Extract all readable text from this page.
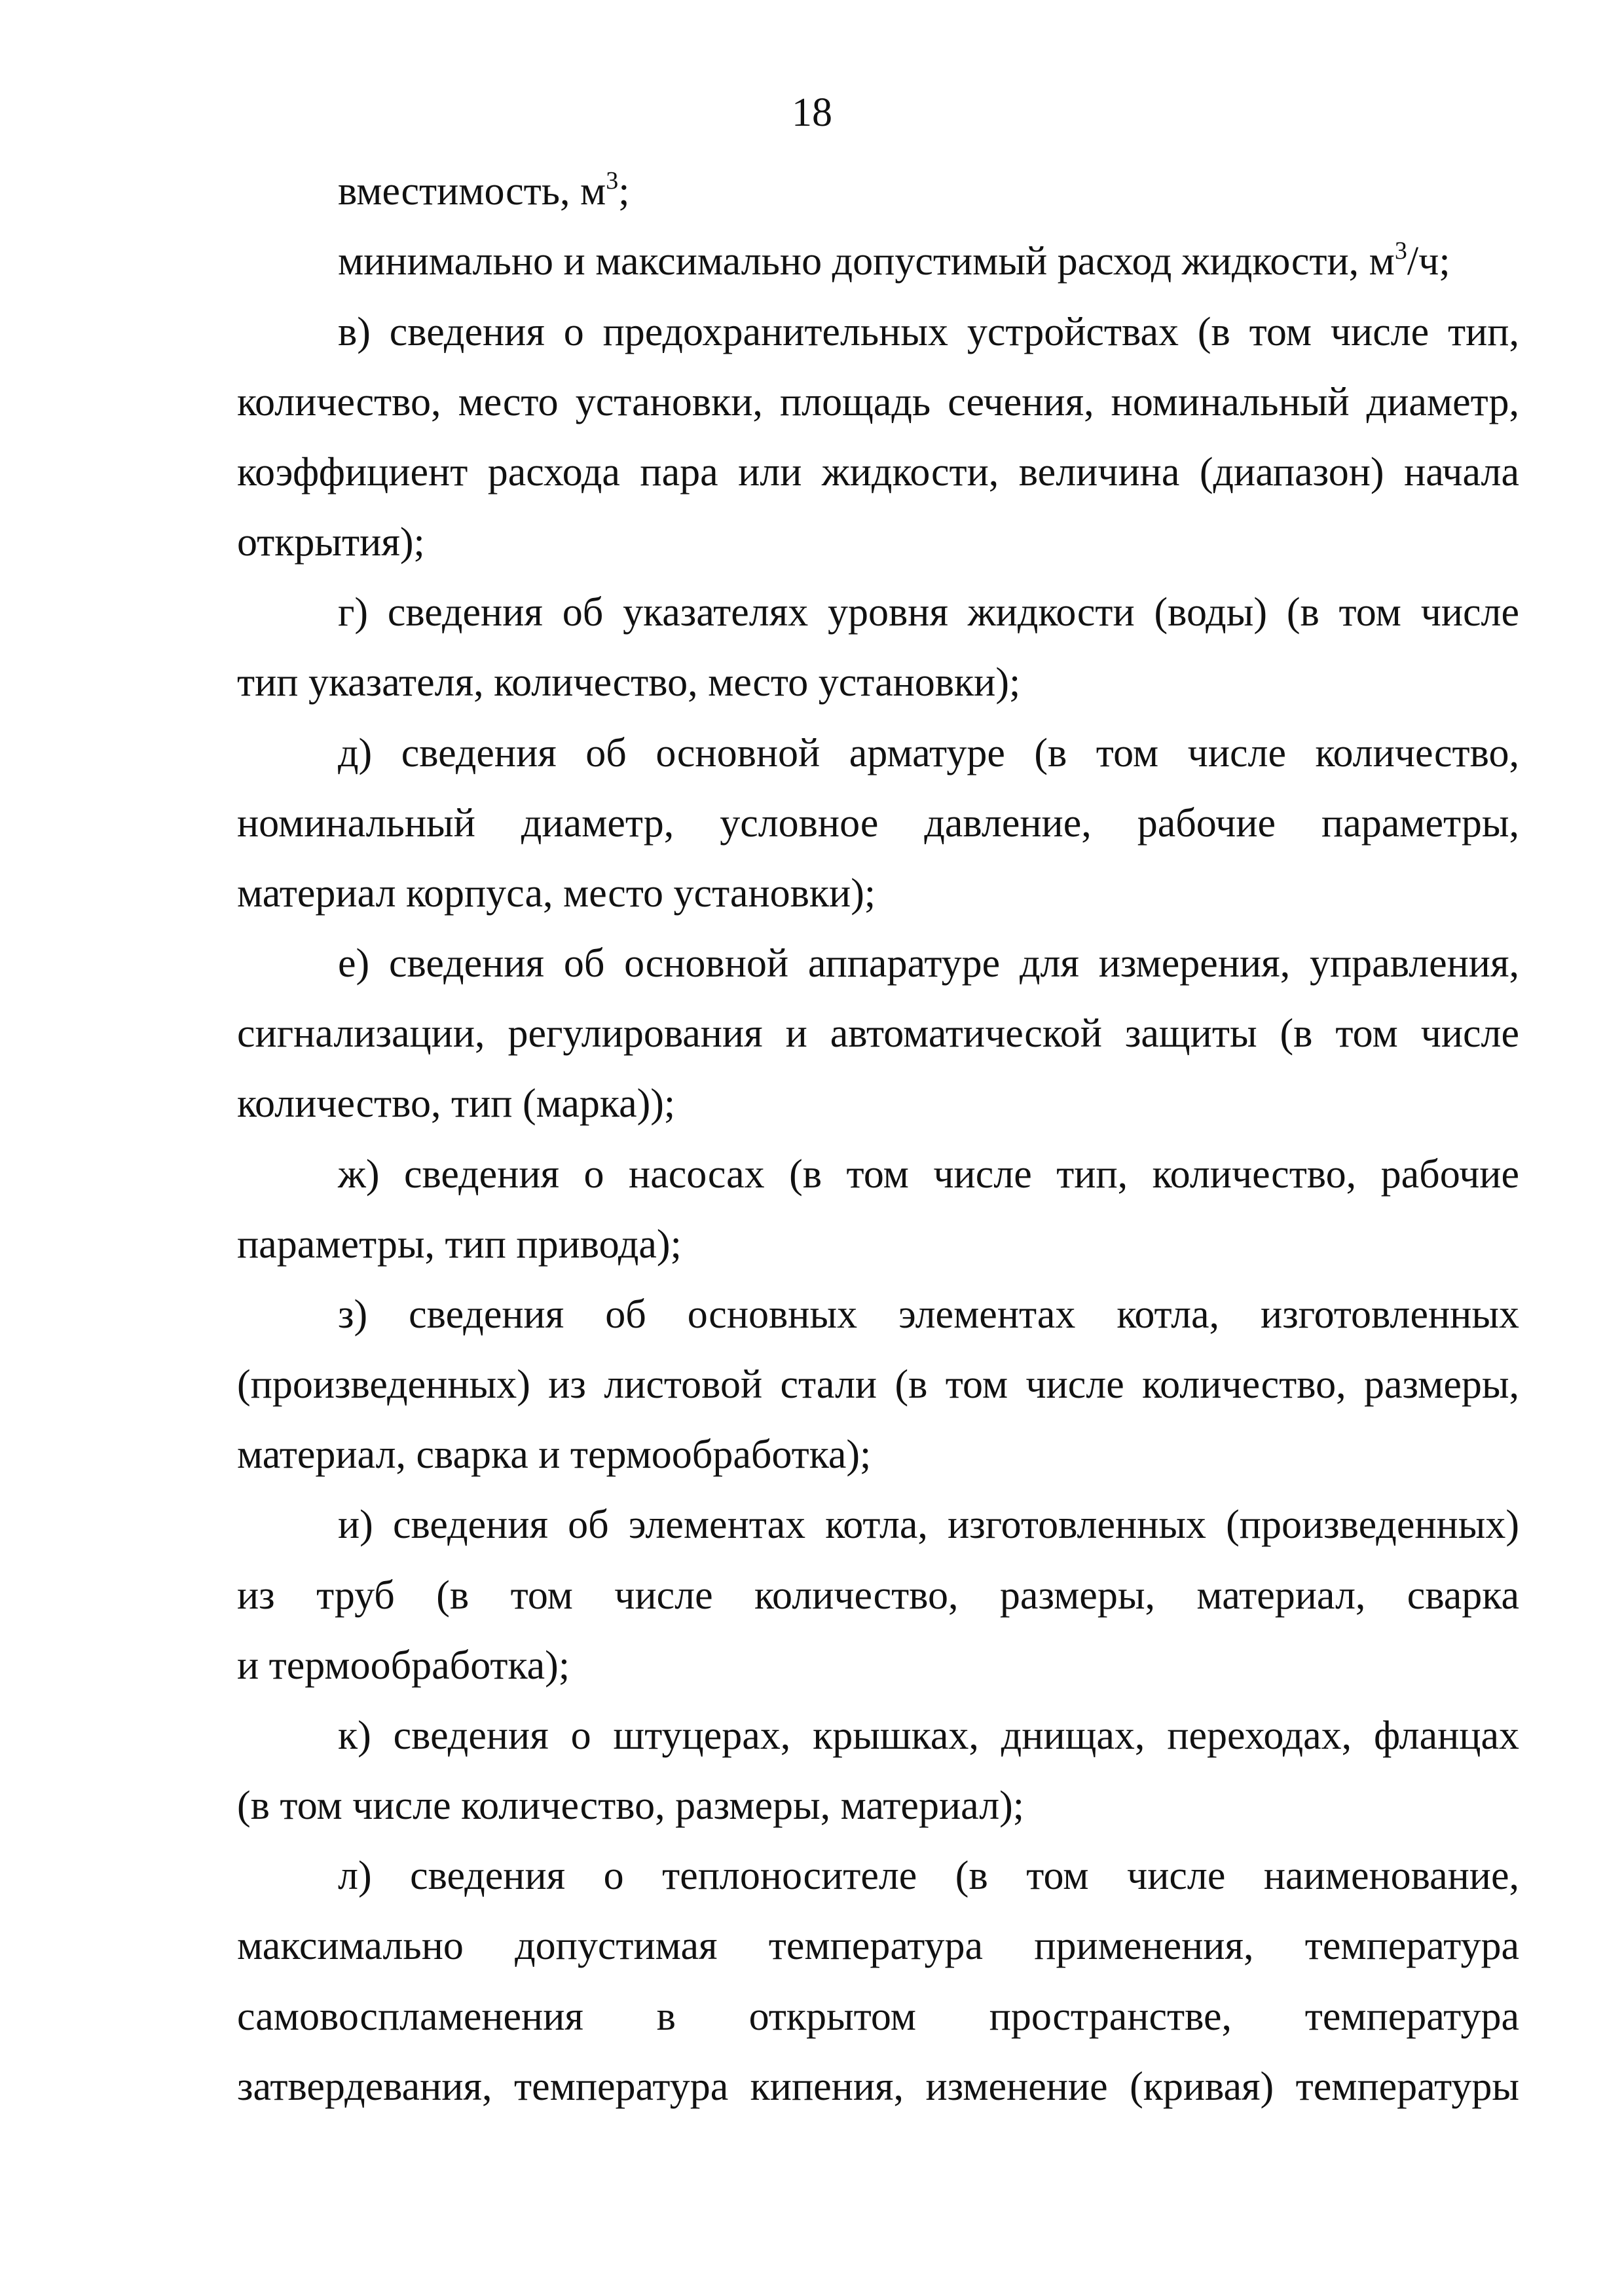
18
вместимость, $м^3$;
минимально и максимально допустимый расход жидкости, $м^3/ч$;
в) сведения о предохранительных устройствах (в том числе тип,
количество, место установки, площадь сечения, номинальный диаметр,
коэффициент расхода пара или жидкости, величина (диапазон) начала
открытия);
г) сведения об указателях уровня жидкости (воды) (в том числе
тип указателя, количество, место установки);
д) сведения об основной арматуре (в том числе количество,
номинальный диаметр, условное давление, рабочие параметры,
материал корпуса, место установки);
е) сведения об основной аппаратуре для измерения, управления,
сигнализации, регулирования и автоматической защиты (в том числе
количество, тип (марка));
ж) сведения о насосах (в том числе тип, количество, рабочие
параметры, тип привода);
з) сведения об основных элементах котла, изготовленных
(произведенных) из листовой стали (в том числе количество, размеры,
материал, сварка и термообработка);
и) сведения об элементах котла, изготовленных (произведенных)
из труб (в том числе количество, размеры, материал, сварка
и термообработка);
к) сведения о штуцерах, крышках, днищах, переходах, фланцах
(в том числе количество, размеры, материал);
л) сведения о теплоносителе (в том числе наименование,
максимально допустимая температура применения, температура
самовоспламенения в открытом пространстве, температура
затвердевания, температура кипения, изменение (кривая) температуры
